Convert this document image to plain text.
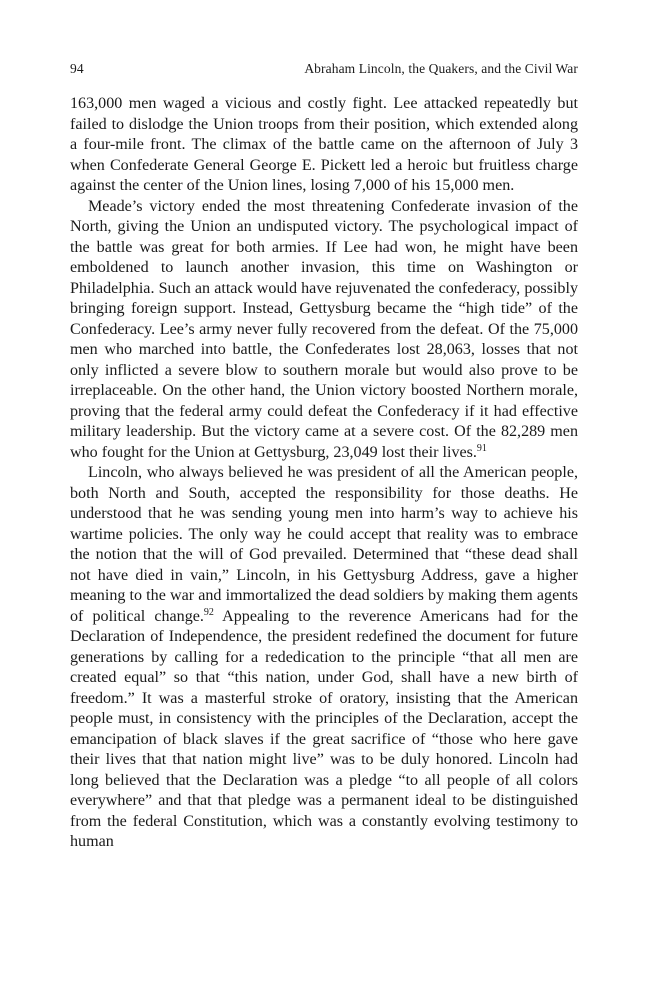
94	Abraham Lincoln, the Quakers, and the Civil War

163,000 men waged a vicious and costly fight. Lee attacked repeatedly but failed to dislodge the Union troops from their position, which extended along a four-mile front. The climax of the battle came on the afternoon of July 3 when Confederate General George E. Pickett led a heroic but fruitless charge against the center of the Union lines, losing 7,000 of his 15,000 men.

Meade’s victory ended the most threatening Confederate invasion of the North, giving the Union an undisputed victory. The psychological impact of the battle was great for both armies. If Lee had won, he might have been emboldened to launch another invasion, this time on Washington or Philadelphia. Such an attack would have rejuvenated the confederacy, possibly bringing foreign support. Instead, Gettysburg became the “high tide” of the Confederacy. Lee’s army never fully recovered from the defeat. Of the 75,000 men who marched into battle, the Confederates lost 28,063, losses that not only inflicted a severe blow to southern morale but would also prove to be irreplaceable. On the other hand, the Union victory boosted Northern morale, proving that the federal army could defeat the Confederacy if it had effective military leadership. But the victory came at a severe cost. Of the 82,289 men who fought for the Union at Gettysburg, 23,049 lost their lives.$^{91}$

Lincoln, who always believed he was president of all the American people, both North and South, accepted the responsibility for those deaths. He understood that he was sending young men into harm’s way to achieve his wartime policies. The only way he could accept that reality was to embrace the notion that the will of God prevailed. Determined that “these dead shall not have died in vain,” Lincoln, in his Gettysburg Address, gave a higher meaning to the war and immortalized the dead soldiers by making them agents of political change.$^{92}$ Appealing to the reverence Americans had for the Declaration of Independence, the president redefined the document for future generations by calling for a rededication to the principle “that all men are created equal” so that “this nation, under God, shall have a new birth of freedom.” It was a masterful stroke of oratory, insisting that the American people must, in consistency with the principles of the Declaration, accept the emancipation of black slaves if the great sacrifice of “those who here gave their lives that that nation might live” was to be duly honored. Lincoln had long believed that the Declaration was a pledge “to all people of all colors everywhere” and that that pledge was a permanent ideal to be distinguished from the federal Constitution, which was a constantly evolving testimony to human
